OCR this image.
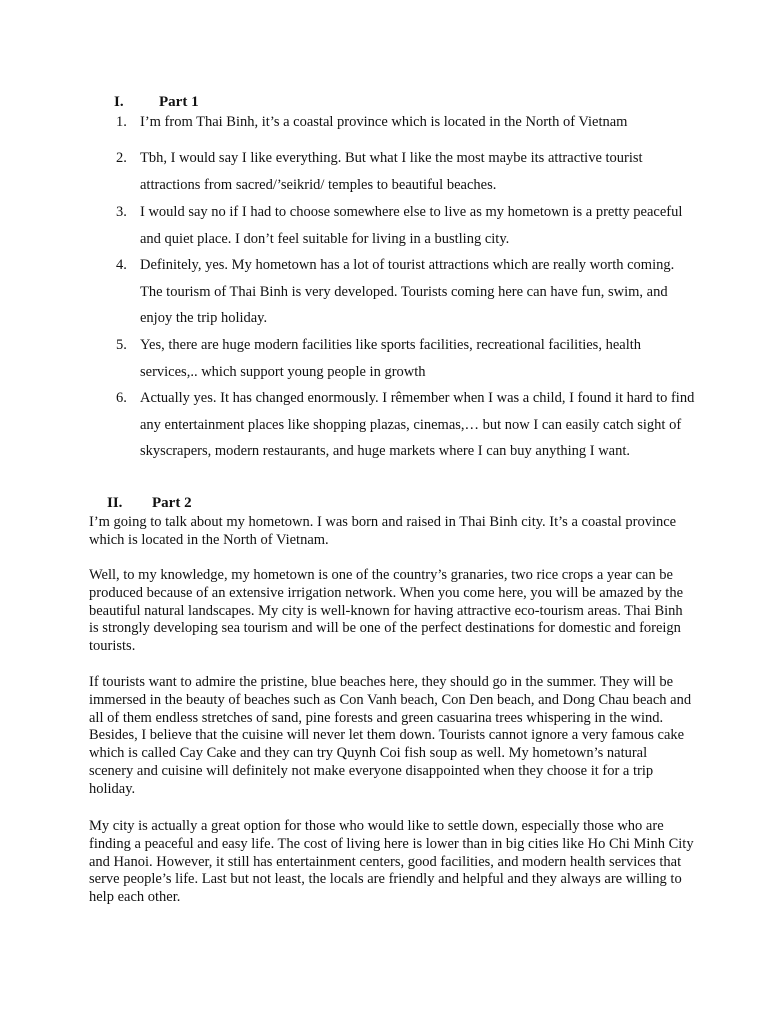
I. Part 1
1. I’m from Thai Binh, it’s a coastal province which is located in the North of Vietnam
2. Tbh, I would say I like everything. But what I like the most maybe its attractive tourist attractions from sacred/’seikrid/ temples to beautiful beaches.
3. I would say no if I had to choose somewhere else to live as my hometown is a pretty peaceful and quiet place. I don’t feel suitable for living in a bustling city.
4. Definitely, yes. My hometown has a lot of tourist attractions which are really worth coming. The tourism of Thai Binh is very developed. Tourists coming here can have fun, swim, and enjoy the trip holiday.
5. Yes, there are huge modern facilities like sports facilities, recreational facilities, health services,.. which support young people in growth
6. Actually yes. It has changed enormously. I rêmember when I was a child, I found it hard to find any entertainment places like shopping plazas, cinemas,… but now I can easily catch sight of skyscrapers, modern restaurants, and huge markets where I can buy anything I want.
II. Part 2

I’m going to talk about my hometown. I was born and raised in Thai Binh city. It’s a coastal province which is located in the North of Vietnam.

Well, to my knowledge, my hometown is one of the country’s granaries, two rice crops a year can be produced because of an extensive irrigation network. When you come here, you will be amazed by the beautiful natural landscapes. My city is well-known for having attractive eco-tourism areas. Thai Binh is strongly developing sea tourism and will be one of the perfect destinations for domestic and foreign tourists.

If tourists want to admire the pristine, blue beaches here, they should go in the summer. They will be immersed in the beauty of beaches such as Con Vanh beach, Con Den beach, and Dong Chau beach and all of them endless stretches of sand, pine forests and green casuarina trees whispering in the wind. Besides, I believe that the cuisine will never let them down. Tourists cannot ignore a very famous cake which is called Cay Cake and they can try Quynh Coi fish soup as well. My hometown’s natural scenery and cuisine will definitely not make everyone disappointed when they choose it for a trip holiday.

My city is actually a great option for those who would like to settle down, especially those who are finding a peaceful and easy life. The cost of living here is lower than in big cities like Ho Chi Minh City and Hanoi. However, it still has entertainment centers, good facilities, and modern health services that serve people’s life. Last but not least, the locals are friendly and helpful and they always are willing to help each other.
